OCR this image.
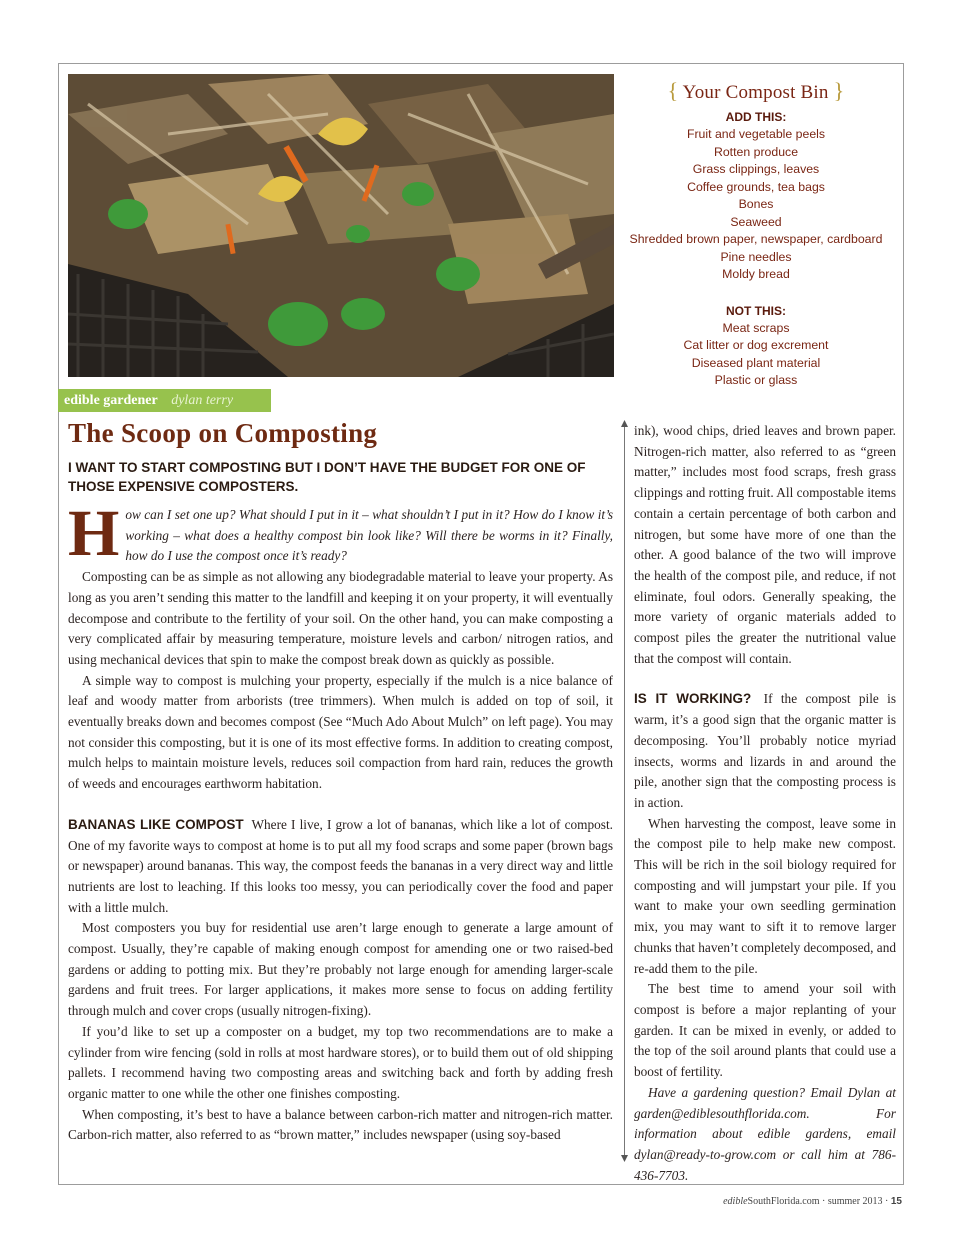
{ Your Compost Bin }
ADD THIS:
Fruit and vegetable peels
Rotten produce
Grass clippings, leaves
Coffee grounds, tea bags
Bones
Seaweed
Shredded brown paper, newspaper, cardboard
Pine needles
Moldy bread
NOT THIS:
Meat scraps
Cat litter or dog excrement
Diseased plant material
Plastic or glass
edible gardener dylan terry
The Scoop on Composting
I WANT TO START COMPOSTING BUT I DON’T HAVE THE BUDGET FOR ONE OF THOSE EXPENSIVE COMPOSTERS.

How can I set one up? What should I put in it – what shouldn’t I put in it? How do I know it’s working – what does a healthy compost bin look like? Will there be worms in it? Finally, how do I use the compost once it’s ready?

Composting can be as simple as not allowing any biodegradable material to leave your property. As long as you aren’t sending this matter to the landfill and keeping it on your property, it will eventually decompose and contribute to the fertility of your soil. On the other hand, you can make composting a very complicated affair by measuring temperature, moisture levels and carbon/ nitrogen ratios, and using mechanical devices that spin to make the compost break down as quickly as possible.

A simple way to compost is mulching your property, especially if the mulch is a nice balance of leaf and woody matter from arborists (tree trimmers). When mulch is added on top of soil, it eventually breaks down and becomes compost (See “Much Ado About Mulch” on left page). You may not consider this composting, but it is one of its most effective forms. In addition to creating compost, mulch helps to maintain moisture levels, reduces soil compaction from hard rain, reduces the growth of weeds and encourages earthworm habitation.

BANANAS LIKE COMPOST Where I live, I grow a lot of bananas, which like a lot of compost. One of my favorite ways to compost at home is to put all my food scraps and some paper (brown bags or newspaper) around bananas. This way, the compost feeds the bananas in a very direct way and little nutrients are lost to leaching. If this looks too messy, you can periodically cover the food and paper with a little mulch.

Most composters you buy for residential use aren’t large enough to generate a large amount of compost. Usually, they’re capable of making enough compost for amending one or two raised-bed gardens or adding to potting mix. But they’re probably not large enough for amending larger-scale gardens and fruit trees. For larger applications, it makes more sense to focus on adding fertility through mulch and cover crops (usually nitrogen-fixing).

If you’d like to set up a composter on a budget, my top two recommendations are to make a cylinder from wire fencing (sold in rolls at most hardware stores), or to build them out of old shipping pallets. I recommend having two composting areas and switching back and forth by adding fresh organic matter to one while the other one finishes composting.

When composting, it’s best to have a balance between carbon-rich matter and nitrogen-rich matter. Carbon-rich matter, also referred to as “brown matter,” includes newspaper (using soy-based

ink), wood chips, dried leaves and brown paper. Nitrogen-rich matter, also referred to as “green matter,” includes most food scraps, fresh grass clippings and rotting fruit. All compostable items contain a certain percentage of both carbon and nitrogen, but some have more of one than the other. A good balance of the two will improve the health of the compost pile, and reduce, if not eliminate, foul odors. Generally speaking, the more variety of organic materials added to compost piles the greater the nutritional value that the compost will contain.

IS IT WORKING? If the compost pile is warm, it’s a good sign that the organic matter is decomposing. You’ll probably notice myriad insects, worms and lizards in and around the pile, another sign that the composting process is in action.

When harvesting the compost, leave some in the compost pile to help make new compost. This will be rich in the soil biology required for composting and will jumpstart your pile. If you want to make your own seedling germination mix, you may want to sift it to remove larger chunks that haven’t completely decomposed, and re-add them to the pile.

The best time to amend your soil with compost is before a major replanting of your garden. It can be mixed in evenly, or added to the top of the soil around plants that could use a boost of fertility.

Have a gardening question? Email Dylan at garden@ediblesouthflorida.com. For information about edible gardens, email dylan@ready-to-grow.com or call him at 786-436-7703.

edibleSouthFlorida.com · summer 2013 · 15
